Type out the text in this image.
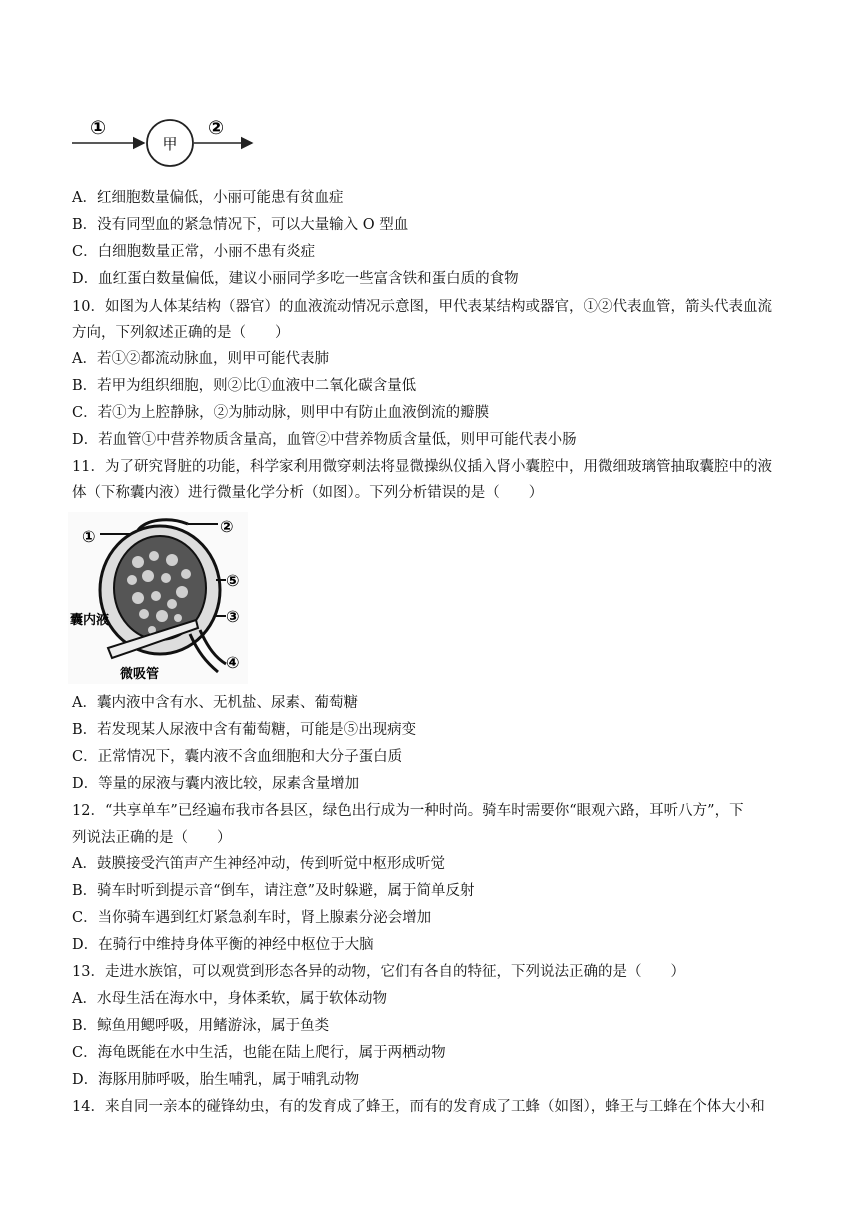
①
甲
②
A．红细胞数量偏低，小丽可能患有贫血症
B．没有同型血的紧急情况下，可以大量输入 O 型血
C．白细胞数量正常，小丽不患有炎症
D．血红蛋白数量偏低，建议小丽同学多吃一些富含铁和蛋白质的食物
10．如图为人体某结构（器官）的血液流动情况示意图，甲代表某结构或器官，①②代表血管，箭头代表血流
方向，下列叙述正确的是（　　）
A．若①②都流动脉血，则甲可能代表肺
B．若甲为组织细胞，则②比①血液中二氧化碳含量低
C．若①为上腔静脉，②为肺动脉，则甲中有防止血液倒流的瓣膜
D．若血管①中营养物质含量高，血管②中营养物质含量低，则甲可能代表小肠
11．为了研究肾脏的功能，科学家利用微穿刺法将显微操纵仪插入肾小囊腔中，用微细玻璃管抽取囊腔中的液
体（下称囊内液）进行微量化学分析（如图）。下列分析错误的是（　　）
①
②
⑤
③
④
囊内液
微吸管
A．囊内液中含有水、无机盐、尿素、葡萄糖
B．若发现某人尿液中含有葡萄糖，可能是⑤出现病变
C．正常情况下，囊内液不含血细胞和大分子蛋白质
D．等量的尿液与囊内液比较，尿素含量增加
12．“共享单车”已经遍布我市各县区，绿色出行成为一种时尚。骑车时需要你“眼观六路，耳听八方”，下
列说法正确的是（　　）
A．鼓膜接受汽笛声产生神经冲动，传到听觉中枢形成听觉
B．骑车时听到提示音“倒车，请注意”及时躲避，属于简单反射
C．当你骑车遇到红灯紧急刹车时，肾上腺素分泌会增加
D．在骑行中维持身体平衡的神经中枢位于大脑
13．走进水族馆，可以观赏到形态各异的动物，它们有各自的特征，下列说法正确的是（　　）
A．水母生活在海水中，身体柔软，属于软体动物
B．鲸鱼用鳃呼吸，用鳍游泳，属于鱼类
C．海龟既能在水中生活，也能在陆上爬行，属于两栖动物
D．海豚用肺呼吸，胎生哺乳，属于哺乳动物
14．来自同一亲本的碰锋幼虫，有的发育成了蜂王，而有的发育成了工蜂（如图），蜂王与工蜂在个体大小和
